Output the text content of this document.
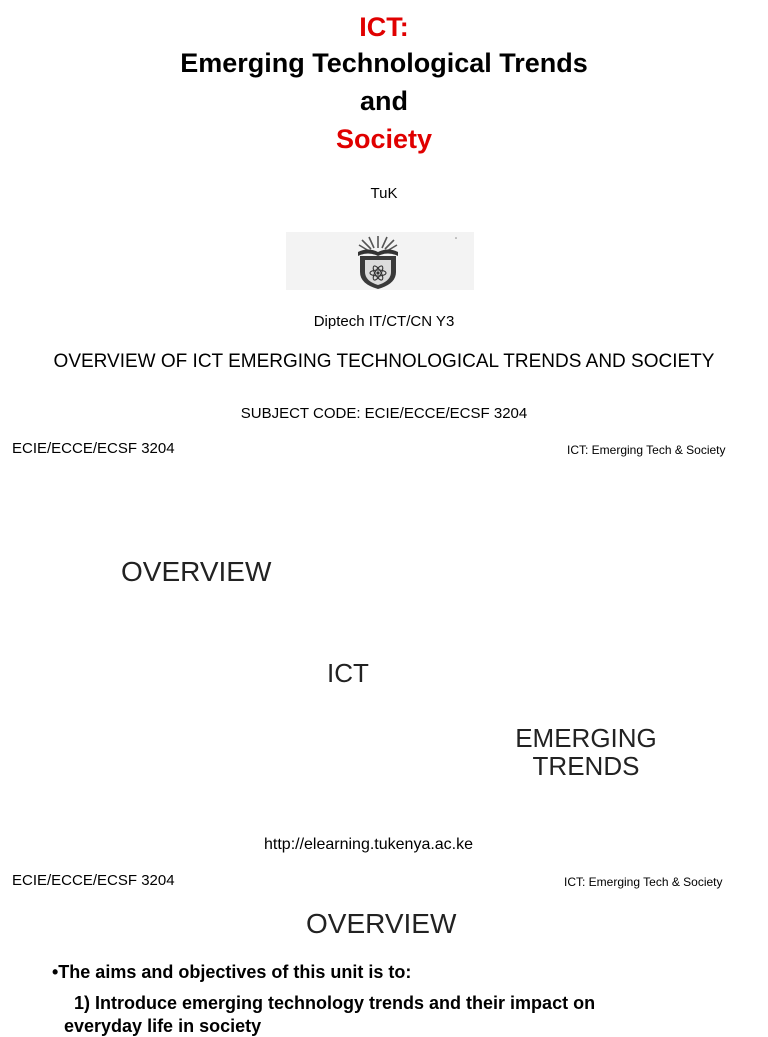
ICT:
Emerging Technological Trends
and
Society
TuK
Diptech IT/CT/CN Y3
OVERVIEW OF ICT EMERGING TECHNOLOGICAL TRENDS AND SOCIETY
SUBJECT CODE: ECIE/ECCE/ECSF 3204
ECIE/ECCE/ECSF 3204	ICT: Emerging Tech & Society
OVERVIEW
ICT
EMERGING
TRENDS
http://elearning.tukenya.ac.ke
ECIE/ECCE/ECSF 3204	ICT: Emerging Tech & Society
OVERVIEW
•The aims and objectives of this unit is to:
1) Introduce emerging technology trends and their impact on
everyday life in society
